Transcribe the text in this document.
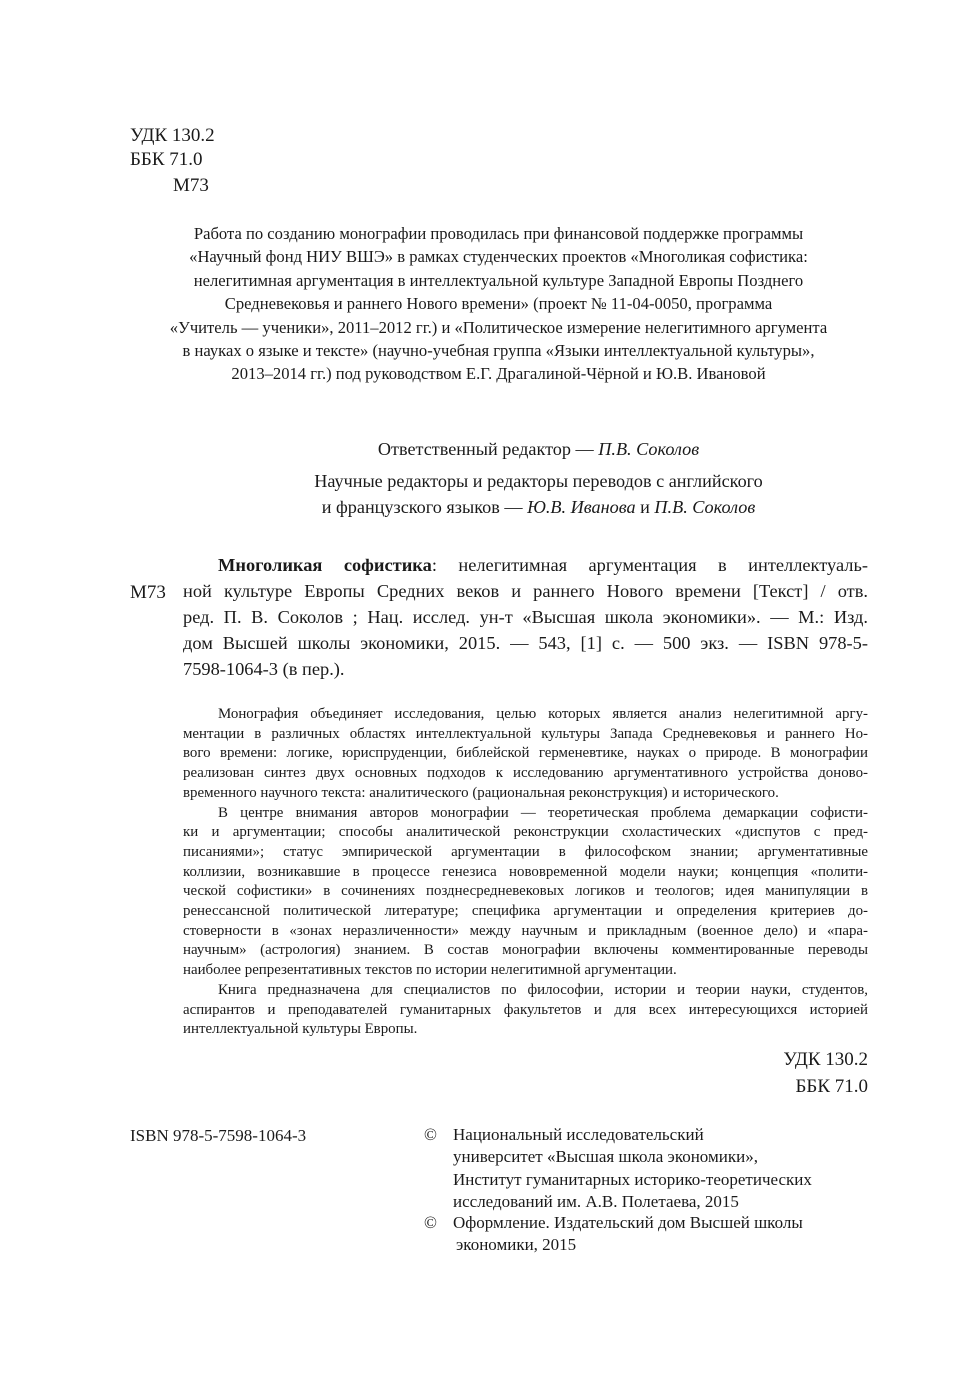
УДК 130.2
ББК 71.0
М73
Работа по созданию монографии проводилась при финансовой поддержке программы
«Научный фонд НИУ ВШЭ» в рамках студенческих проектов «Многоликая софистика:
нелегитимная аргументация в интеллектуальной культуре Западной Европы Позднего
Средневековья и раннего Нового времени» (проект № 11-04-0050, программа
«Учитель — ученики», 2011–2012 гг.) и «Политическое измерение нелегитимного аргумента
в науках о языке и тексте» (научно-учебная группа «Языки интеллектуальной культуры»,
2013–2014 гг.) под руководством Е.Г. Драгалиной-Чёрной и Ю.В. Ивановой
Ответственный редактор — П.В. Соколов
Научные редакторы и редакторы переводов с английского
и французского языков — Ю.В. Иванова и П.В. Соколов
М73
Многоликая софистика: нелегитимная аргументация в интеллектуаль-
ной культуре Европы Средних веков и раннего Нового времени [Текст] / отв.
ред. П. В. Соколов ; Нац. исслед. ун-т «Высшая школа экономики». — М.: Изд.
дом Высшей школы экономики, 2015. — 543, [1] с. — 500 экз. — ISBN 978-5-
7598-1064-3 (в пер.).
Монография объединяет исследования, целью которых является анализ нелегитимной аргу-
ментации в различных областях интеллектуальной культуры Запада Средневековья и раннего Но-
вого времени: логике, юриспруденции, библейской герменевтике, науках о природе. В монографии
реализован синтез двух основных подходов к исследованию аргументативного устройства доново-
временного научного текста: аналитического (рациональная реконструкция) и исторического.
В центре внимания авторов монографии — теоретическая проблема демаркации софисти-
ки и аргументации; способы аналитической реконструкции схоластических «диспутов с пред-
писаниями»; статус эмпирической аргументации в философском знании; аргументативные
коллизии, возникавшие в процессе генезиса нововременной модели науки; концепция «полити-
ческой софистики» в сочинениях позднесредневековых логиков и теологов; идея манипуляции в
ренессансной политической литературе; специфика аргументации и определения критериев до-
стоверности в «зонах неразличенности» между научным и прикладным (военное дело) и «пара-
научным» (астрология) знанием. В состав монографии включены комментированные переводы
наиболее репрезентативных текстов по истории нелегитимной аргументации.
Книга предназначена для специалистов по философии, истории и теории науки, студентов,
аспирантов и преподавателей гуманитарных факультетов и для всех интересующихся историей
интеллектуальной культуры Европы.
УДК 130.2
ББК 71.0
ISBN 978-5-7598-1064-3	© Национальный исследовательский
университет «Высшая школа экономики»,
Институт гуманитарных историко-теоретических
исследований им. А.В. Полетаева, 2015
© Оформление. Издательский дом Высшей школы
экономики, 2015
